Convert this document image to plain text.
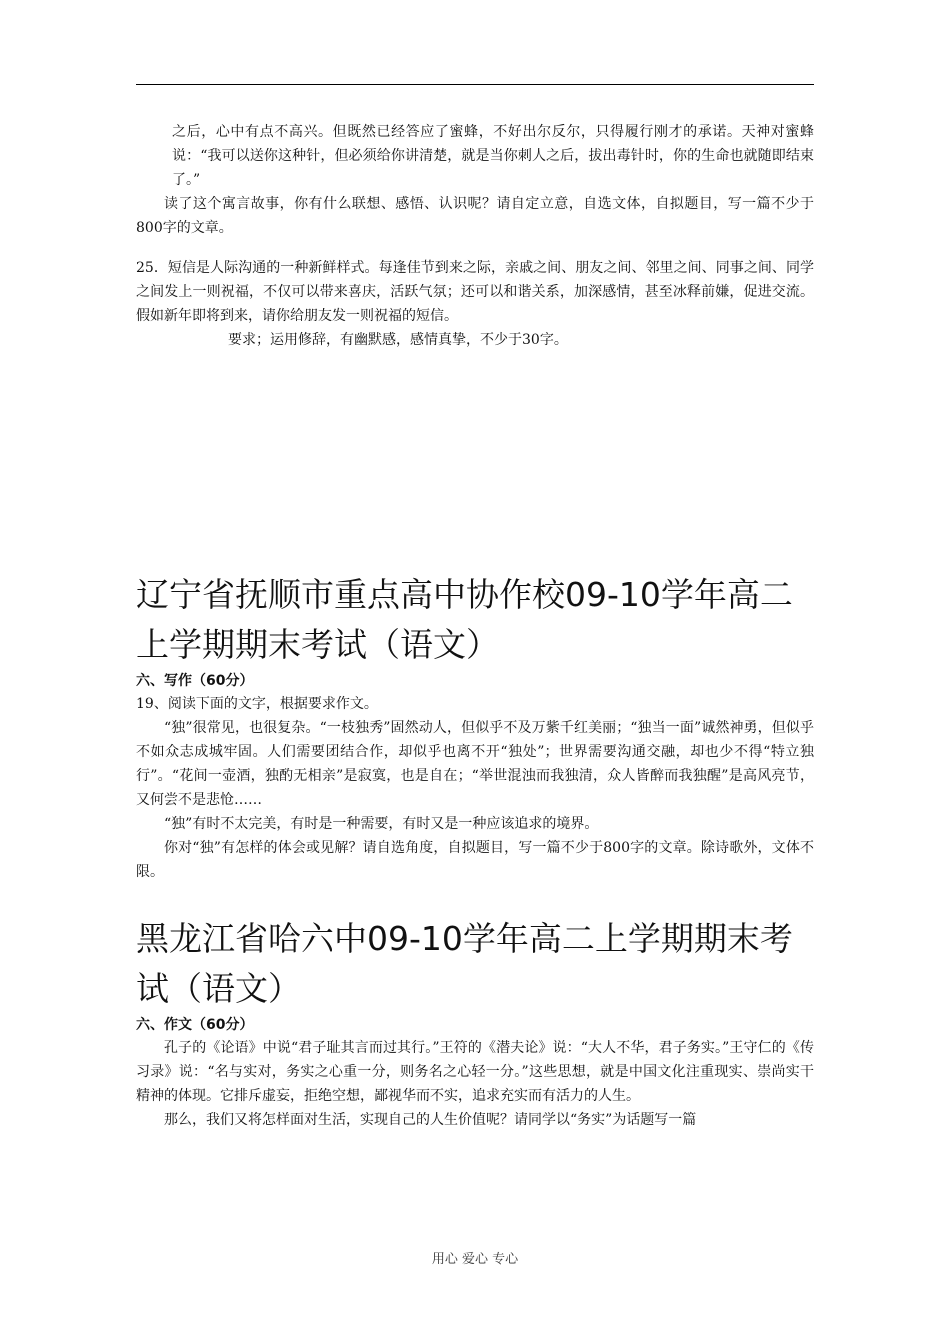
之后，心中有点不高兴。但既然已经答应了蜜蜂，不好出尔反尔，只得履行刚才的承诺。天神对蜜蜂说：“我可以送你这种针，但必须给你讲清楚，就是当你刺人之后，拔出毒针时，你的生命也就随即结束了。”

读了这个寓言故事，你有什么联想、感悟、认识呢？请自定立意，自选文体，自拟题目，写一篇不少于800字的文章。

25．短信是人际沟通的一种新鲜样式。每逢佳节到来之际，亲戚之间、朋友之间、邻里之间、同事之间、同学之间发上一则祝福，不仅可以带来喜庆，活跃气氛；还可以和谐关系，加深感情，甚至冰释前嫌，促进交流。假如新年即将到来，请你给朋友发一则祝福的短信。

要求；运用修辞，有幽默感，感情真挚，不少于30字。

辽宁省抚顺市重点高中协作校09-10学年高二上学期期末考试（语文）

六、写作（60分）

19、阅读下面的文字，根据要求作文。

“独”很常见，也很复杂。“一枝独秀”固然动人，但似乎不及万紫千红美丽；“独当一面”诚然神勇，但似乎不如众志成城牢固。人们需要团结合作，却似乎也离不开“独处”；世界需要沟通交融，却也少不得“特立独行”。“花间一壶酒，独酌无相亲”是寂寞，也是自在；“举世混浊而我独清，众人皆醉而我独醒”是高风亮节，又何尝不是悲怆……

“独”有时不太完美，有时是一种需要，有时又是一种应该追求的境界。

你对“独”有怎样的体会或见解？请自选角度，自拟题目，写一篇不少于800字的文章。除诗歌外，文体不限。

黑龙江省哈六中09-10学年高二上学期期末考试（语文）

六、作文（60分）

孔子的《论语》中说“君子耻其言而过其行。”王符的《潜夫论》说：“大人不华，君子务实。”王守仁的《传习录》说：“名与实对，务实之心重一分，则务名之心轻一分。”这些思想，就是中国文化注重现实、崇尚实干精神的体现。它排斥虚妄，拒绝空想，鄙视华而不实，追求充实而有活力的人生。

那么，我们又将怎样面对生活，实现自己的人生价值呢？请同学以“务实”为话题写一篇

用心 爱心 专心
